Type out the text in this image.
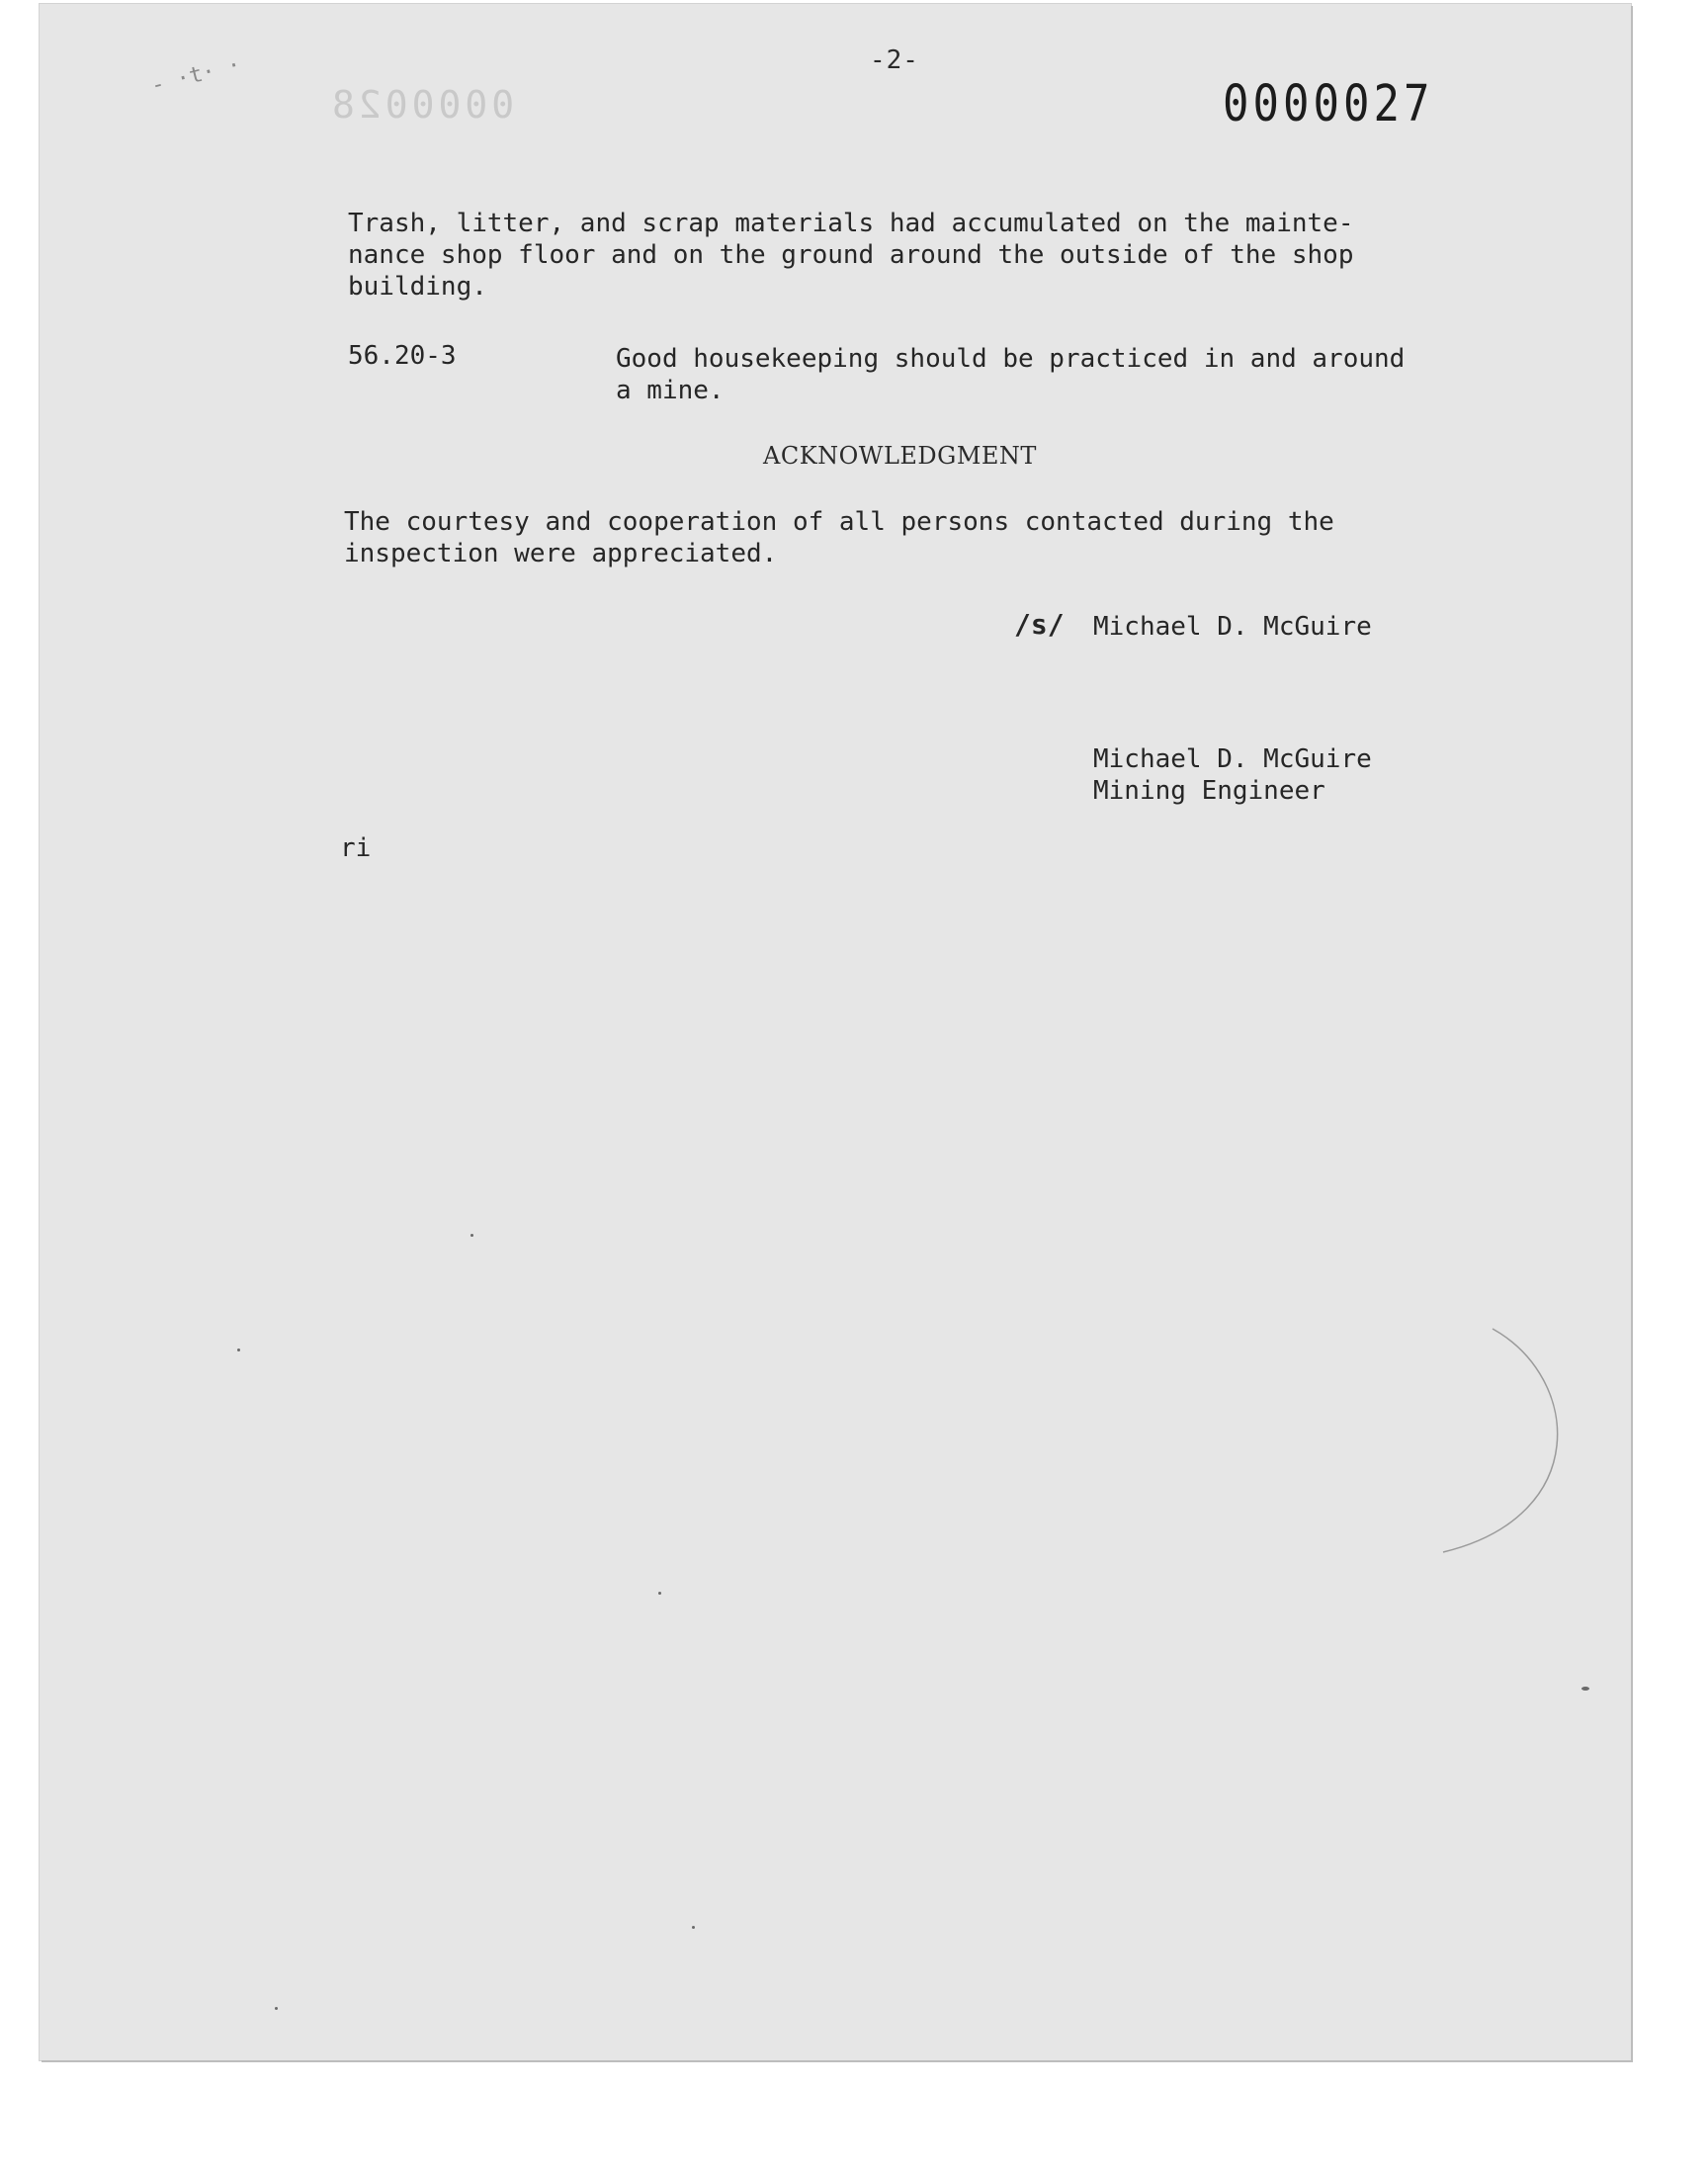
- ·t· ·
0000028
-2-
0000027
Trash, litter, and scrap materials had accumulated on the mainte-
nance shop floor and on the ground around the outside of the shop
building.
56.20-3	Good housekeeping should be practiced in and around
a mine.
ACKNOWLEDGMENT
The courtesy and cooperation of all persons contacted during the
inspection were appreciated.
/s/ Michael D. McGuire
Michael D. McGuire
Mining Engineer
ri
